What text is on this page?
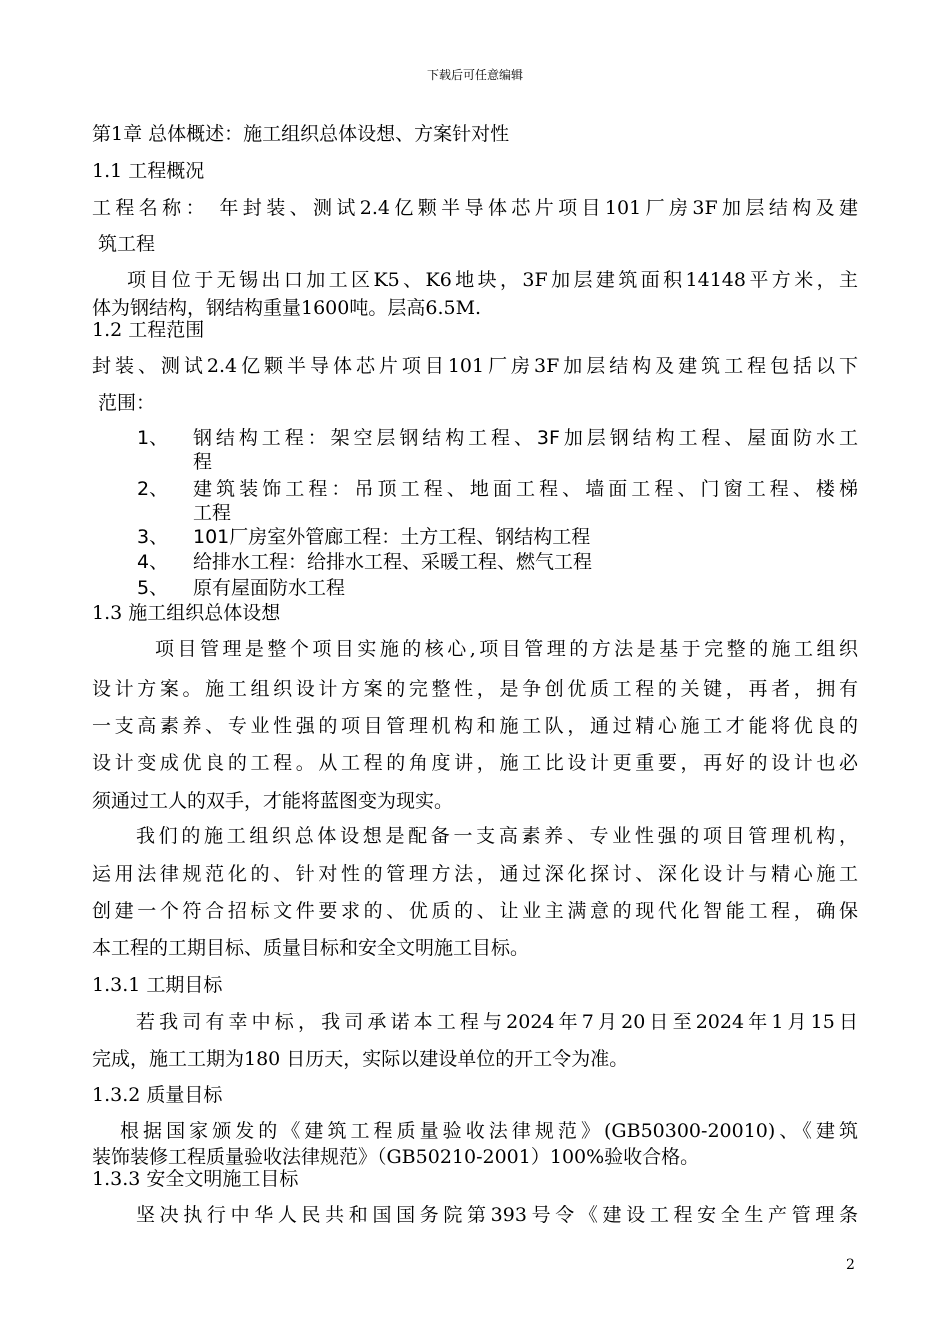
下载后可任意编辑
第1章 总体概述：施工组织总体设想、方案针对性
1.1 工程概况
工程名称： 年封装、测试2.4亿颗半导体芯片项目101厂房3F加层结构及建
筑工程
项目位于无锡出口加工区K5、K6地块，3F加层建筑面积14148平方米，主
体为钢结构，钢结构重量1600吨。层高6.5M.
1.2 工程范围
封装、测试2.4亿颗半导体芯片项目101厂房3F加层结构及建筑工程包括以下
范围：
1、 钢结构工程：架空层钢结构工程、3F加层钢结构工程、屋面防水工
程
2、 建筑装饰工程：吊顶工程、地面工程、墙面工程、门窗工程、楼梯
工程
3、 101厂房室外管廊工程：土方工程、钢结构工程
4、 给排水工程：给排水工程、采暖工程、燃气工程
5、 原有屋面防水工程
1.3 施工组织总体设想
项目管理是整个项目实施的核心,项目管理的方法是基于完整的施工组织
设计方案。施工组织设计方案的完整性，是争创优质工程的关键，再者，拥有
一支高素养、专业性强的项目管理机构和施工队，通过精心施工才能将优良的
设计变成优良的工程。从工程的角度讲，施工比设计更重要，再好的设计也必
须通过工人的双手，才能将蓝图变为现实。
我们的施工组织总体设想是配备一支高素养、专业性强的项目管理机构，
运用法律规范化的、针对性的管理方法，通过深化探讨、深化设计与精心施工
创建一个符合招标文件要求的、优质的、让业主满意的现代化智能工程，确保
本工程的工期目标、质量目标和安全文明施工目标。
1.3.1 工期目标
若我司有幸中标，我司承诺本工程与2024年7月20日至2024年1月15日
完成，施工工期为180 日历天，实际以建设单位的开工令为准。
1.3.2 质量目标
根据国家颁发的《建筑工程质量验收法律规范》(GB50300-20010)、《建筑
装饰装修工程质量验收法律规范》（GB50210-2001）100%验收合格。
1.3.3 安全文明施工目标
坚决执行中华人民共和国国务院第393号令《建设工程安全生产管理条
2
